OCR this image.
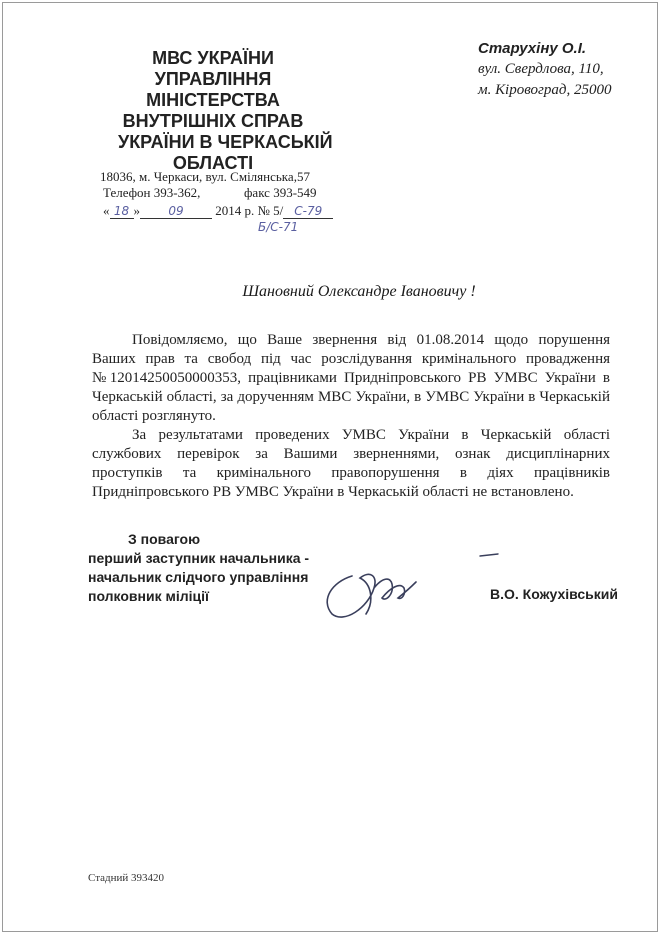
МВС УКРАЇНИ
УПРАВЛІННЯ
МІНІСТЕРСТВА
ВНУТРІШНІХ СПРАВ
УКРАЇНИ В ЧЕРКАСЬКІЙ
ОБЛАСТІ
18036, м. Черкаси, вул. Смілянська,57
Телефон 393-362,	факс 393-549
« 18 » 09 2014 р. № 5/ С-79
Б/С-71
Старухіну О.І.
вул. Свердлова, 110,
м. Кіровоград, 25000
Шановний Олександре Івановичу !

Повідомляємо, що Ваше звернення від 01.08.2014 щодо порушення Ваших прав та свобод під час розслідування кримінального провадження №12014250050000353, працівниками Придніпровського РВ УМВС України в Черкаській області, за дорученням МВС України, в УМВС України в Черкаській області розглянуто.

За результатами проведених УМВС України в Черкаській області службових перевірок за Вашими зверненнями, ознак дисциплінарних проступків та кримінального правопорушення в діях працівників Придніпровського РВ УМВС України в Черкаській області не встановлено.

З повагою
перший заступник начальника -
начальник слідчого управління
полковник міліції	В.О. Кожухівський
Стадний 393420
